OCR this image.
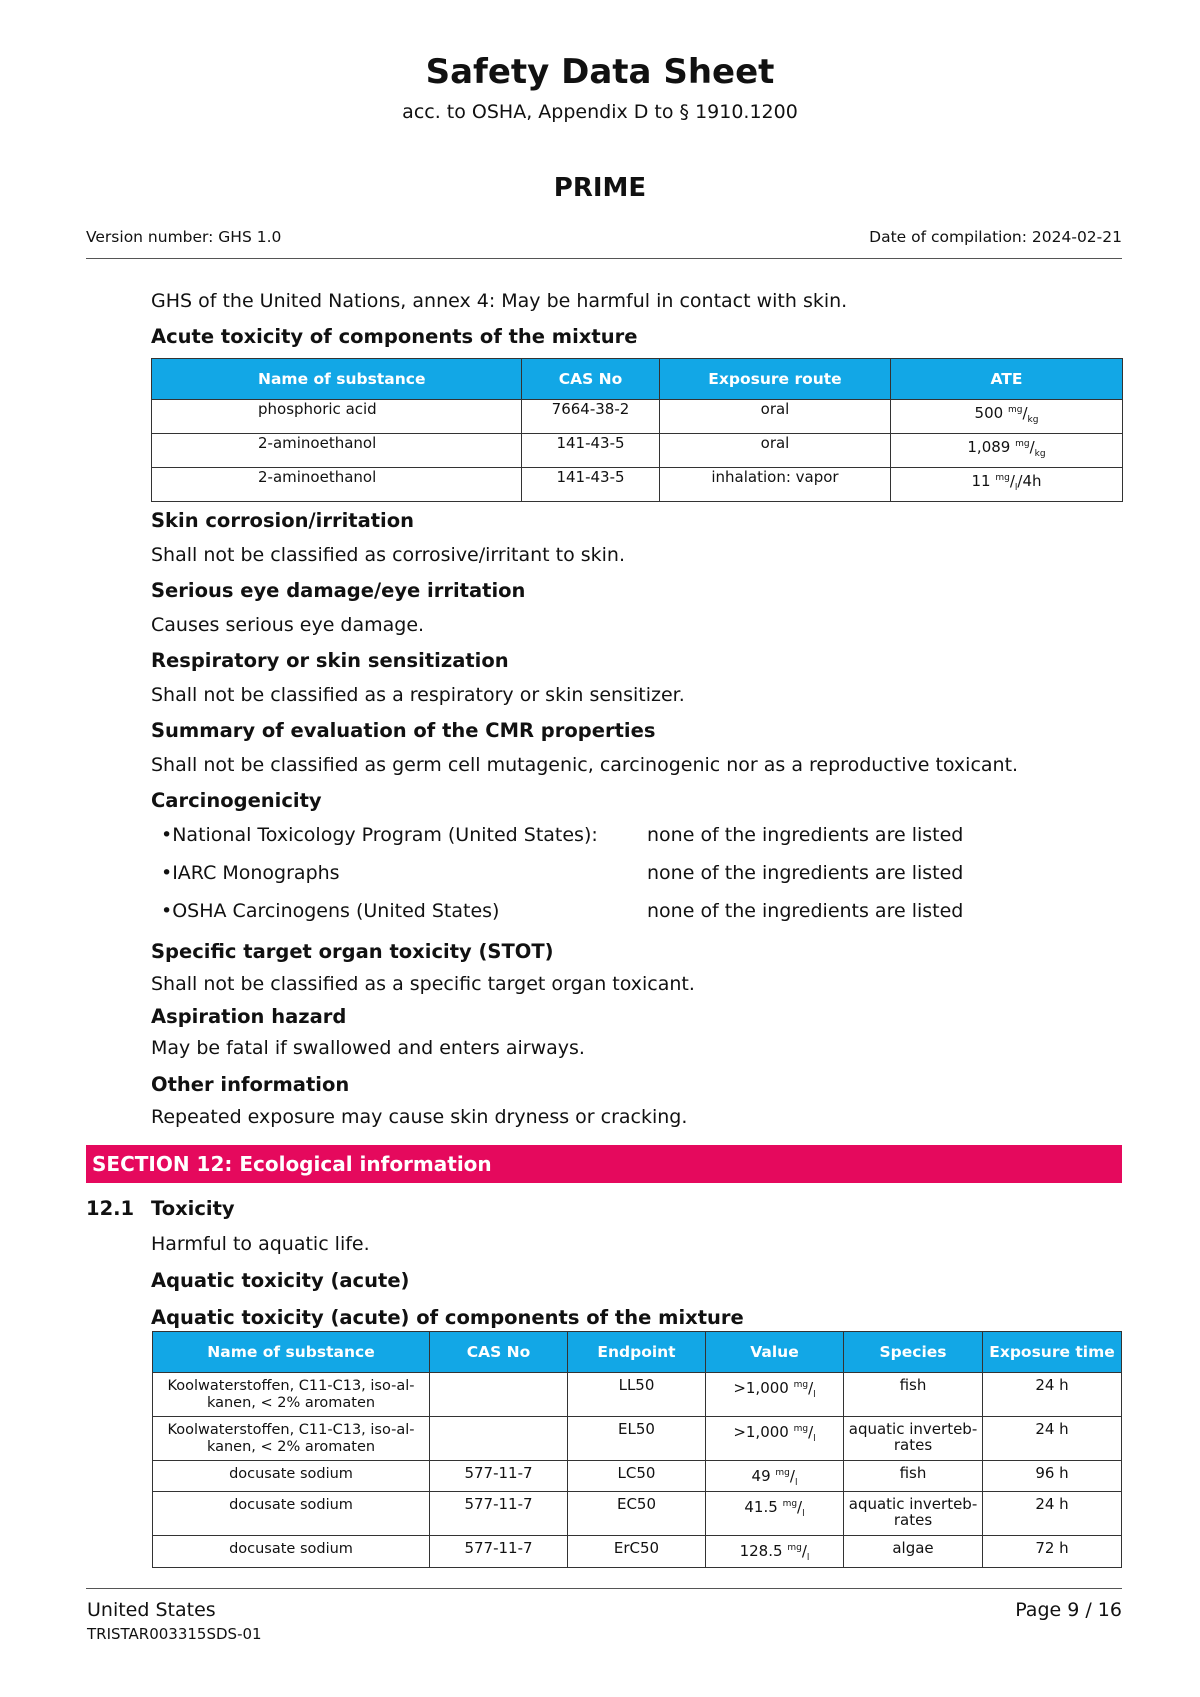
Safety Data Sheet
acc. to OSHA, Appendix D to § 1910.1200
PRIME
Version number: GHS 1.0	Date of compilation: 2024-02-21
GHS of the United Nations, annex 4: May be harmful in contact with skin.
Acute toxicity of components of the mixture
Name of substance	CAS No	Exposure route	ATE
phosphoric acid	7664-38-2	oral	500 $^{mg}/_{kg}$
2-aminoethanol	141-43-5	oral	1,089 $^{mg}/_{kg}$
2-aminoethanol	141-43-5	inhalation: vapor	11 $^{mg}/_l/4h$
Skin corrosion/irritation
Shall not be classified as corrosive/irritant to skin.
Serious eye damage/eye irritation
Causes serious eye damage.
Respiratory or skin sensitization
Shall not be classified as a respiratory or skin sensitizer.
Summary of evaluation of the CMR properties
Shall not be classified as germ cell mutagenic, carcinogenic nor as a reproductive toxicant.
Carcinogenicity
•National Toxicology Program (United States):	none of the ingredients are listed
•IARC Monographs	none of the ingredients are listed
•OSHA Carcinogens (United States)	none of the ingredients are listed
Specific target organ toxicity (STOT)
Shall not be classified as a specific target organ toxicant.
Aspiration hazard
May be fatal if swallowed and enters airways.
Other information
Repeated exposure may cause skin dryness or cracking.
SECTION 12: Ecological information
12.1 Toxicity
Harmful to aquatic life.
Aquatic toxicity (acute)
Aquatic toxicity (acute) of components of the mixture
Name of substance	CAS No	Endpoint	Value	Species	Exposure time
Koolwaterstoffen, C11-C13, iso-al-
kanen, < 2% aromaten		LL50	>1,000 $^{mg}/_l$	fish	24 h
Koolwaterstoffen, C11-C13, iso-al-
kanen, < 2% aromaten		EL50	>1,000 $^{mg}/_l$	aquatic inverteb-
rates	24 h
docusate sodium	577-11-7	LC50	49 $^{mg}/_l$	fish	96 h
docusate sodium	577-11-7	EC50	41.5 $^{mg}/_l$	aquatic inverteb-
rates	24 h
docusate sodium	577-11-7	ErC50	128.5 $^{mg}/_l$	algae	72 h
United States	Page 9 / 16
TRISTAR003315SDS-01
